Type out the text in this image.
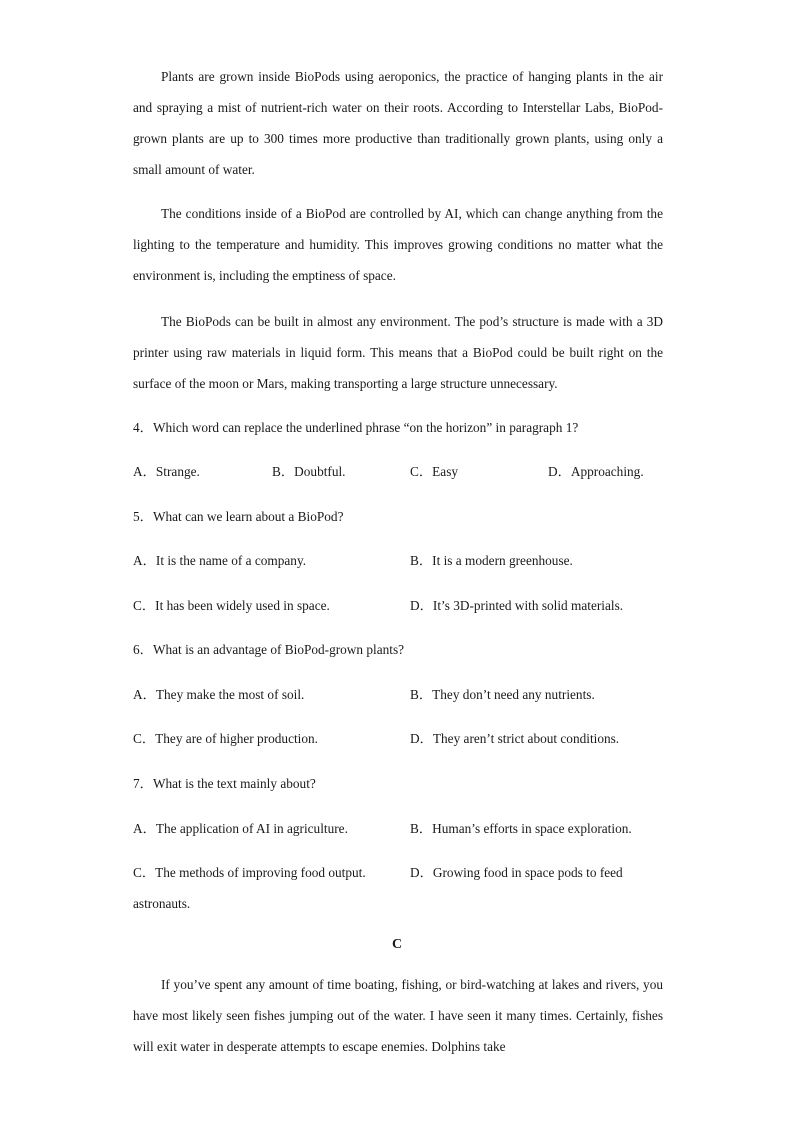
Plants are grown inside BioPods using aeroponics, the practice of hanging plants in the air and spraying a mist of nutrient-rich water on their roots. According to Interstellar Labs, BioPod-grown plants are up to 300 times more productive than traditionally grown plants, using only a small amount of water.

The conditions inside of a BioPod are controlled by AI, which can change anything from the lighting to the temperature and humidity. This improves growing conditions no matter what the environment is, including the emptiness of space.

The BioPods can be built in almost any environment. The pod’s structure is made with a 3D printer using raw materials in liquid form. This means that a BioPod could be built right on the surface of the moon or Mars, making transporting a large structure unnecessary.

4．Which word can replace the underlined phrase “on the horizon” in paragraph 1?
A．Strange.	B．Doubtful.	C．Easy	D．Approaching.
5．What can we learn about a BioPod?
A．It is the name of a company.	B．It is a modern greenhouse.
C．It has been widely used in space.	D．It’s 3D-printed with solid materials.
6．What is an advantage of BioPod-grown plants?
A．They make the most of soil.	B．They don’t need any nutrients.
C．They are of higher production.	D．They aren’t strict about conditions.
7．What is the text mainly about?
A．The application of AI in agriculture.	B．Human’s efforts in space exploration.
C．The methods of improving food output.	D．Growing food in space pods to feed
astronauts.
C

If you’ve spent any amount of time boating, fishing, or bird-watching at lakes and rivers, you have most likely seen fishes jumping out of the water. I have seen it many times. Certainly, fishes will exit water in desperate attempts to escape enemies. Dolphins take
